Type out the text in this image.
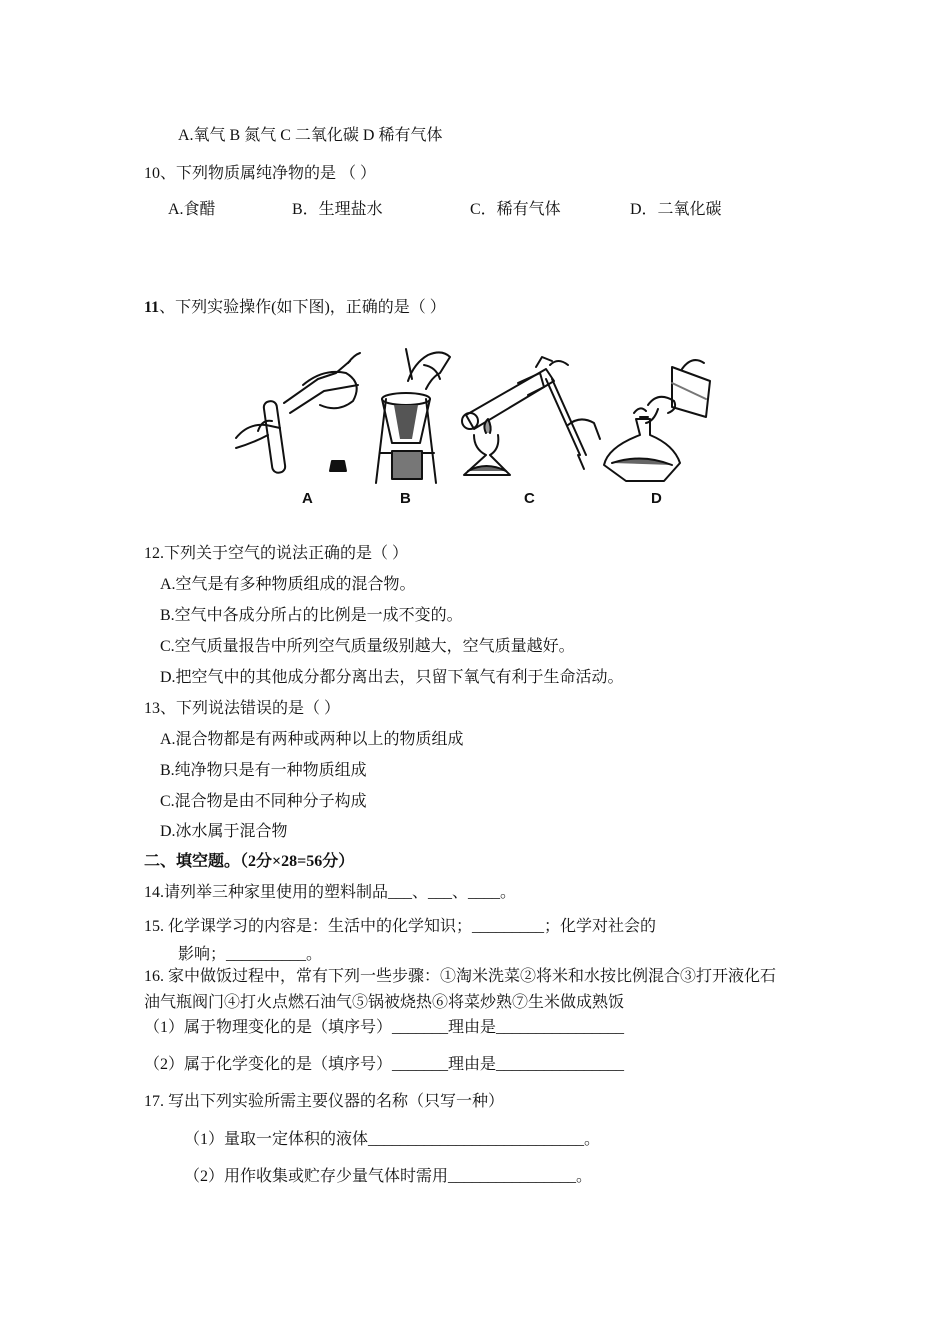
A.氧气 B 氮气 C 二氧化碳 D 稀有气体
10、下列物质属纯净物的是 （ ）
A.食醋	B．生理盐水	C．稀有气体	D．二氧化碳
11、下列实验操作(如下图)，正确的是（ ）
A	B	C	D
12.下列关于空气的说法正确的是（ ）
A.空气是有多种物质组成的混合物。
B.空气中各成分所占的比例是一成不变的。
C.空气质量报告中所列空气质量级别越大，空气质量越好。
D.把空气中的其他成分都分离出去，只留下氧气有利于生命活动。
13、下列说法错误的是（ ）
A.混合物都是有两种或两种以上的物质组成
B.纯净物只是有一种物质组成
C.混合物是由不同种分子构成
D.冰水属于混合物
二、填空题。（2分×28=56分）
14.请列举三种家里使用的塑料制品___、___、____。
15. 化学课学习的内容是：生活中的化学知识；_________；化学对社会的
影响；__________。
16. 家中做饭过程中，常有下列一些步骤：①淘米洗菜②将米和水按比例混合③打开液化石
油气瓶阀门④打火点燃石油气⑤锅被烧热⑥将菜炒熟⑦生米做成熟饭
（1）属于物理变化的是（填序号）_______理由是________________
（2）属于化学变化的是（填序号）_______理由是________________
17. 写出下列实验所需主要仪器的名称（只写一种）
（1）量取一定体积的液体___________________________。
（2）用作收集或贮存少量气体时需用________________。
